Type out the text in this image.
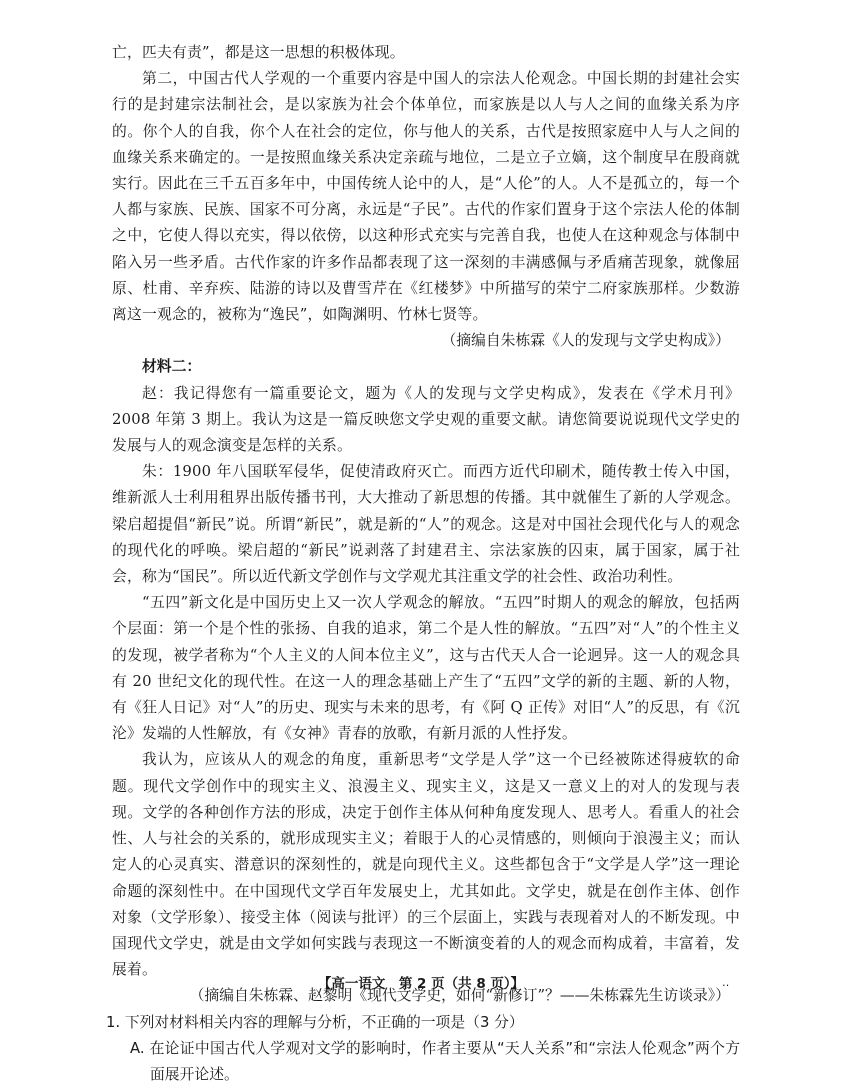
亡，匹夫有责”，都是这一思想的积极体现。

第二，中国古代人学观的一个重要内容是中国人的宗法人伦观念。中国长期的封建社会实行的是封建宗法制社会，是以家族为社会个体单位，而家族是以人与人之间的血缘关系为序的。你个人的自我，你个人在社会的定位，你与他人的关系，古代是按照家庭中人与人之间的血缘关系来确定的。一是按照血缘关系决定亲疏与地位，二是立子立嫡，这个制度早在殷商就实行。因此在三千五百多年中，中国传统人论中的人，是“人伦”的人。人不是孤立的，每一个人都与家族、民族、国家不可分离，永远是“子民”。古代的作家们置身于这个宗法人伦的体制之中，它使人得以充实，得以依傍，以这种形式充实与完善自我，也使人在这种观念与体制中陷入另一些矛盾。古代作家的许多作品都表现了这一深刻的丰满感佩与矛盾痛苦现象，就像屈原、杜甫、辛弃疾、陆游的诗以及曹雪芹在《红楼梦》中所描写的荣宁二府家族那样。少数游离这一观念的，被称为“逸民”，如陶渊明、竹林七贤等。

（摘编自朱栋霖《人的发现与文学史构成》）

材料二：

赵：我记得您有一篇重要论文，题为《人的发现与文学史构成》，发表在《学术月刊》2008 年第 3 期上。我认为这是一篇反映您文学史观的重要文献。请您简要说说现代文学史的发展与人的观念演变是怎样的关系。

朱：1900 年八国联军侵华，促使清政府灭亡。而西方近代印刷术，随传教士传入中国，维新派人士利用租界出版传播书刊，大大推动了新思想的传播。其中就催生了新的人学观念。梁启超提倡“新民”说。所谓“新民”，就是新的“人”的观念。这是对中国社会现代化与人的观念的现代化的呼唤。梁启超的“新民”说剥落了封建君主、宗法家族的囚束，属于国家，属于社会，称为“国民”。所以近代新文学创作与文学观尤其注重文学的社会性、政治功利性。

“五四”新文化是中国历史上又一次人学观念的解放。“五四”时期人的观念的解放，包括两个层面：第一个是个性的张扬、自我的追求，第二个是人性的解放。“五四”对“人”的个性主义的发现，被学者称为“个人主义的人间本位主义”，这与古代天人合一论迥异。这一人的观念具有 20 世纪文化的现代性。在这一人的理念基础上产生了“五四”文学的新的主题、新的人物，有《狂人日记》对“人”的历史、现实与未来的思考，有《阿 Q 正传》对旧“人”的反思，有《沉沦》发端的人性解放，有《女神》青春的放歌，有新月派的人性抒发。

我认为，应该从人的观念的角度，重新思考“文学是人学”这一个已经被陈述得疲软的命题。现代文学创作中的现实主义、浪漫主义、现实主义，这是又一意义上的对人的发现与表现。文学的各种创作方法的形成，决定于创作主体从何种角度发现人、思考人。看重人的社会性、人与社会的关系的，就形成现实主义；着眼于人的心灵情感的，则倾向于浪漫主义；而认定人的心灵真实、潜意识的深刻性的，就是向现代主义。这些都包含于“文学是人学”这一理论命题的深刻性中。在中国现代文学百年发展史上，尤其如此。文学史，就是在创作主体、创作对象（文学形象）、接受主体（阅读与批评）的三个层面上，实践与表现着对人的不断发现。中国现代文学史，就是由文学如何实践与表现这一不断演变着的人的观念而构成着，丰富着，发展着。

（摘编自朱栋霖、赵黎明《现代文学史，如何“新修订”？——朱栋霖先生访谈录》）

1. 下列对材料相关内容的理解与分析，不正确的一项是（3 分）

A. 在论证中国古代人学观对文学的影响时，作者主要从“天人关系”和“宗法人伦观念”两个方面展开论述。

【高一语文　第 2 页（共 8 页）】	‥
